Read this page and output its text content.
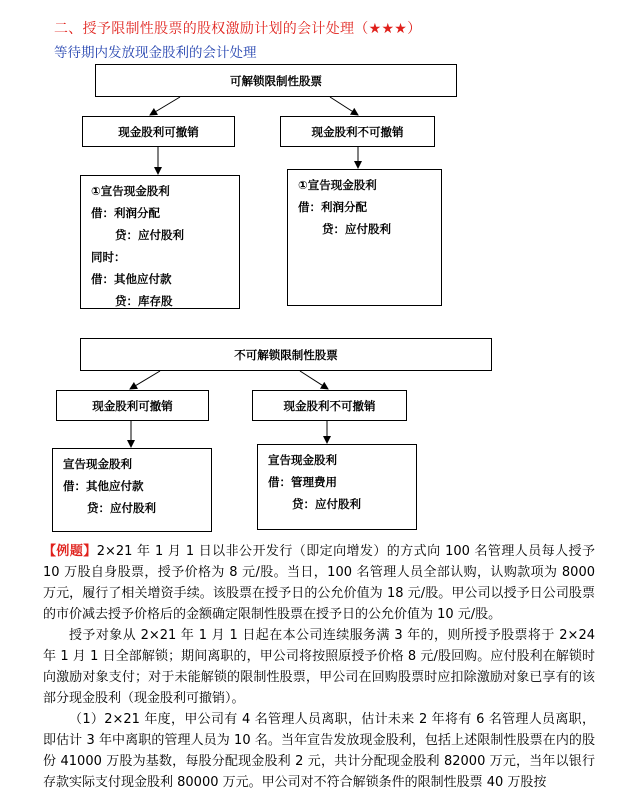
二、授予限制性股票的股权激励计划的会计处理（★★★）
等待期内发放现金股利的会计处理
可解锁限制性股票
现金股利可撤销	现金股利不可撤销
①宣告现金股利
借：利润分配
贷：应付股利
同时：
借：其他应付款
贷：库存股
①宣告现金股利
借：利润分配
贷：应付股利
不可解锁限制性股票
现金股利可撤销	现金股利不可撤销
宣告现金股利
借：其他应付款
贷：应付股利
宣告现金股利
借：管理费用
贷：应付股利

【例题】2×21 年 1 月 1 日以非公开发行（即定向增发）的方式向 100 名管理人员每人授予 10 万股自身股票，授予价格为 8 元/股。当日，100 名管理人员全部认购，认购款项为 8000 万元，履行了相关增资手续。该股票在授予日的公允价值为 18 元/股。甲公司以授予日公司股票的市价减去授予价格后的金额确定限制性股票在授予日的公允价值为 10 元/股。

授予对象从 2×21 年 1 月 1 日起在本公司连续服务满 3 年的，则所授予股票将于 2×24 年 1 月 1 日全部解锁；期间离职的，甲公司将按照原授予价格 8 元/股回购。应付股利在解锁时向激励对象支付；对于未能解锁的限制性股票，甲公司在回购股票时应扣除激励对象已享有的该部分现金股利（现金股利可撤销）。

（1）2×21 年度，甲公司有 4 名管理人员离职，估计未来 2 年将有 6 名管理人员离职，即估计 3 年中离职的管理人员为 10 名。当年宣告发放现金股利，包括上述限制性股票在内的股份 41000 万股为基数，每股分配现金股利 2 元，共计分配现金股利 82000 万元，当年以银行存款实际支付现金股利 80000 万元。甲公司对不符合解锁条件的限制性股票 40 万股按
